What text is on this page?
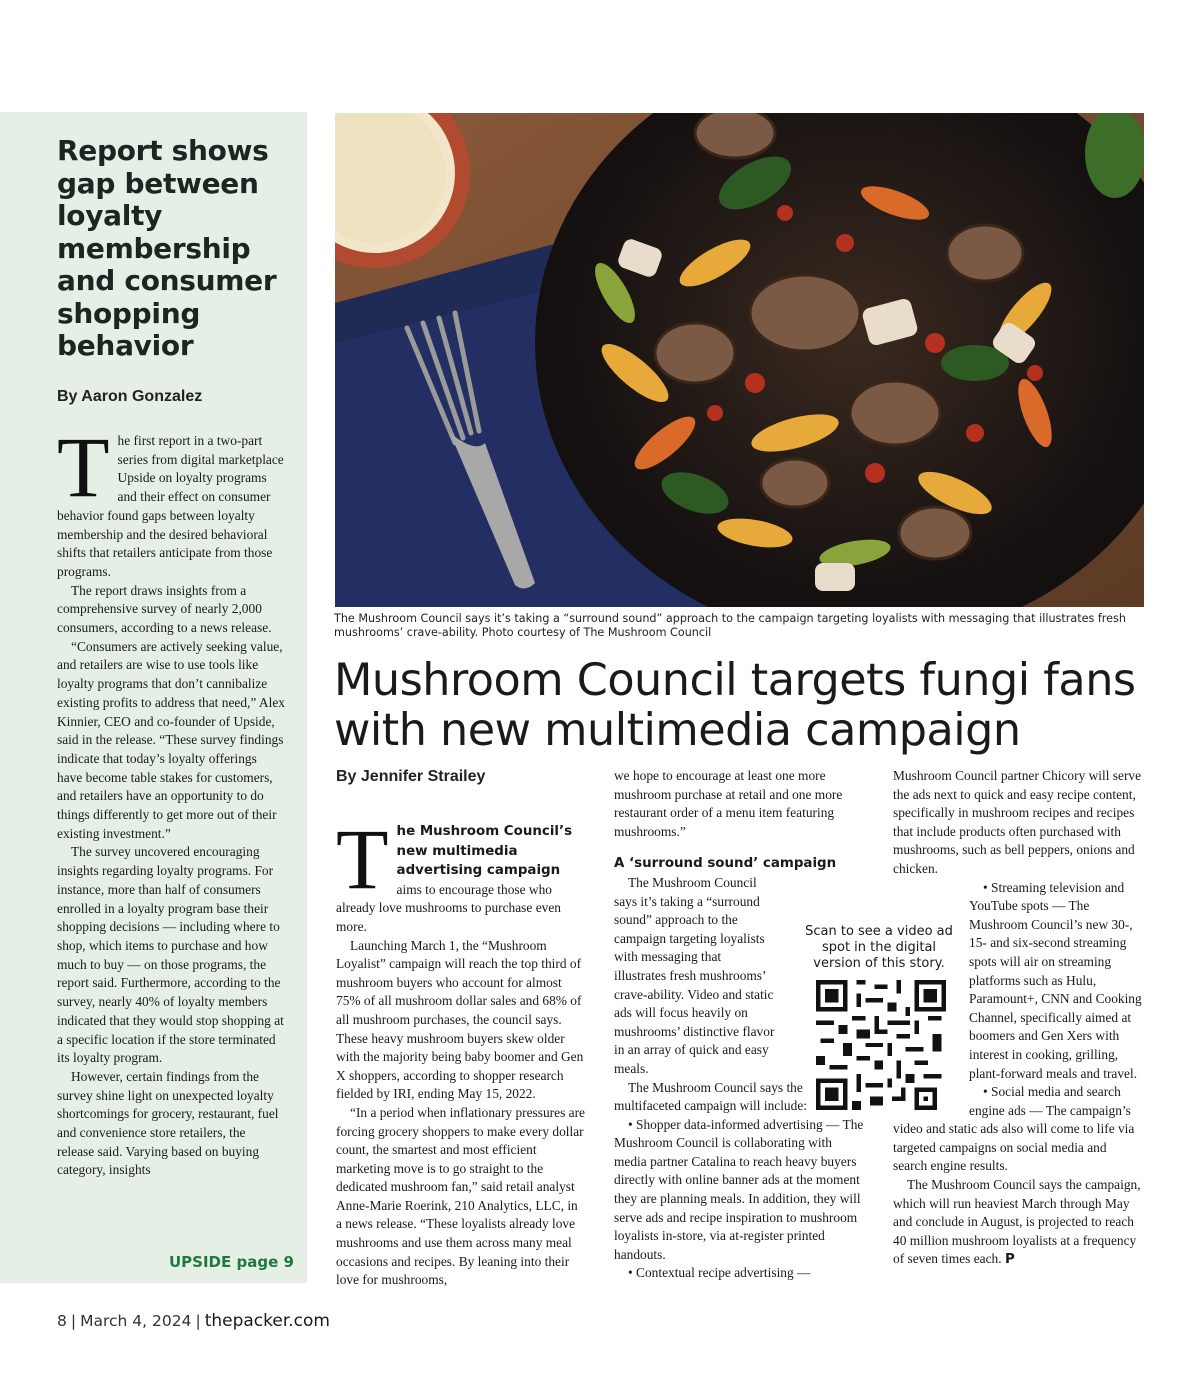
Report shows gap between loyalty membership and consumer shopping behavior
By Aaron Gonzalez

The first report in a two-part series from digital marketplace Upside on loyalty programs and their effect on consumer behavior found gaps between loyalty membership and the desired behavioral shifts that retailers anticipate from those programs.

The report draws insights from a comprehensive survey of nearly 2,000 consumers, according to a news release.

“Consumers are actively seeking value, and retailers are wise to use tools like loyalty programs that don’t cannibalize existing profits to address that need,” Alex Kinnier, CEO and co-founder of Upside, said in the release. “These survey findings indicate that today’s loyalty offerings have become table stakes for customers, and retailers have an opportunity to do things differently to get more out of their existing investment.”

The survey uncovered encouraging insights regarding loyalty programs. For instance, more than half of consumers enrolled in a loyalty program base their shopping decisions — including where to shop, which items to purchase and how much to buy — on those programs, the report said. Furthermore, according to the survey, nearly 40% of loyalty members indicated that they would stop shopping at a specific location if the store terminated its loyalty program.

However, certain findings from the survey shine light on unexpected loyalty shortcomings for grocery, restaurant, fuel and convenience store retailers, the release said. Varying based on buying category, insights

UPSIDE page 9

The Mushroom Council says it’s taking a “surround sound” approach to the campaign targeting loyalists with messaging that illustrates fresh mushrooms’ crave-ability. Photo courtesy of The Mushroom Council

Mushroom Council targets fungi fans with new multimedia campaign
By Jennifer Strailey

The Mushroom Council’s new multimedia advertising campaign aims to encourage those who already love mushrooms to purchase even more.

Launching March 1, the “Mushroom Loyalist” campaign will reach the top third of mushroom buyers who account for almost 75% of all mushroom dollar sales and 68% of all mushroom purchases, the council says. These heavy mushroom buyers skew older with the majority being baby boomer and Gen X shoppers, according to shopper research fielded by IRI, ending May 15, 2022.

“In a period when inflationary pressures are forcing grocery shoppers to make every dollar count, the smartest and most efficient marketing move is to go straight to the dedicated mushroom fan,” said retail analyst Anne-Marie Roerink, 210 Analytics, LLC, in a news release. “These loyalists already love mushrooms and use them across many meal occasions and recipes. By leaning into their love for mushrooms,

we hope to encourage at least one more mushroom purchase at retail and one more restaurant order of a menu item featuring mushrooms.”

A ‘surround sound’ campaign

The Mushroom Council says it’s taking a “surround sound” approach to the campaign targeting loyalists with messaging that illustrates fresh mushrooms’ crave-ability. Video and static ads will focus heavily on mushrooms’ distinctive flavor in an array of quick and easy meals.

The Mushroom Council says the multifaceted campaign will include:

• Shopper data-informed advertising — The Mushroom Council is collaborating with media partner Catalina to reach heavy buyers directly with online banner ads at the moment they are planning meals. In addition, they will serve ads and recipe inspiration to mushroom loyalists in-store, via at-register printed handouts.

• Contextual recipe advertising —

Mushroom Council partner Chicory will serve the ads next to quick and easy recipe content, specifically in mushroom recipes and recipes that include products often purchased with mushrooms, such as bell peppers, onions and chicken.

• Streaming television and YouTube spots — The Mushroom Council’s new 30-, 15- and six-second streaming spots will air on streaming platforms such as Hulu, Paramount+, CNN and Cooking Channel, specifically aimed at boomers and Gen Xers with interest in cooking, grilling, plant-forward meals and travel.

• Social media and search engine ads — The campaign’s video and static ads also will come to life via targeted campaigns on social media and search engine results.

The Mushroom Council says the campaign, which will run heaviest March through May and conclude in August, is projected to reach 40 million mushroom loyalists at a frequency of seven times each. P

Scan to see a video ad spot in the digital version of this story.

8 | March 4, 2024 | thepacker.com
